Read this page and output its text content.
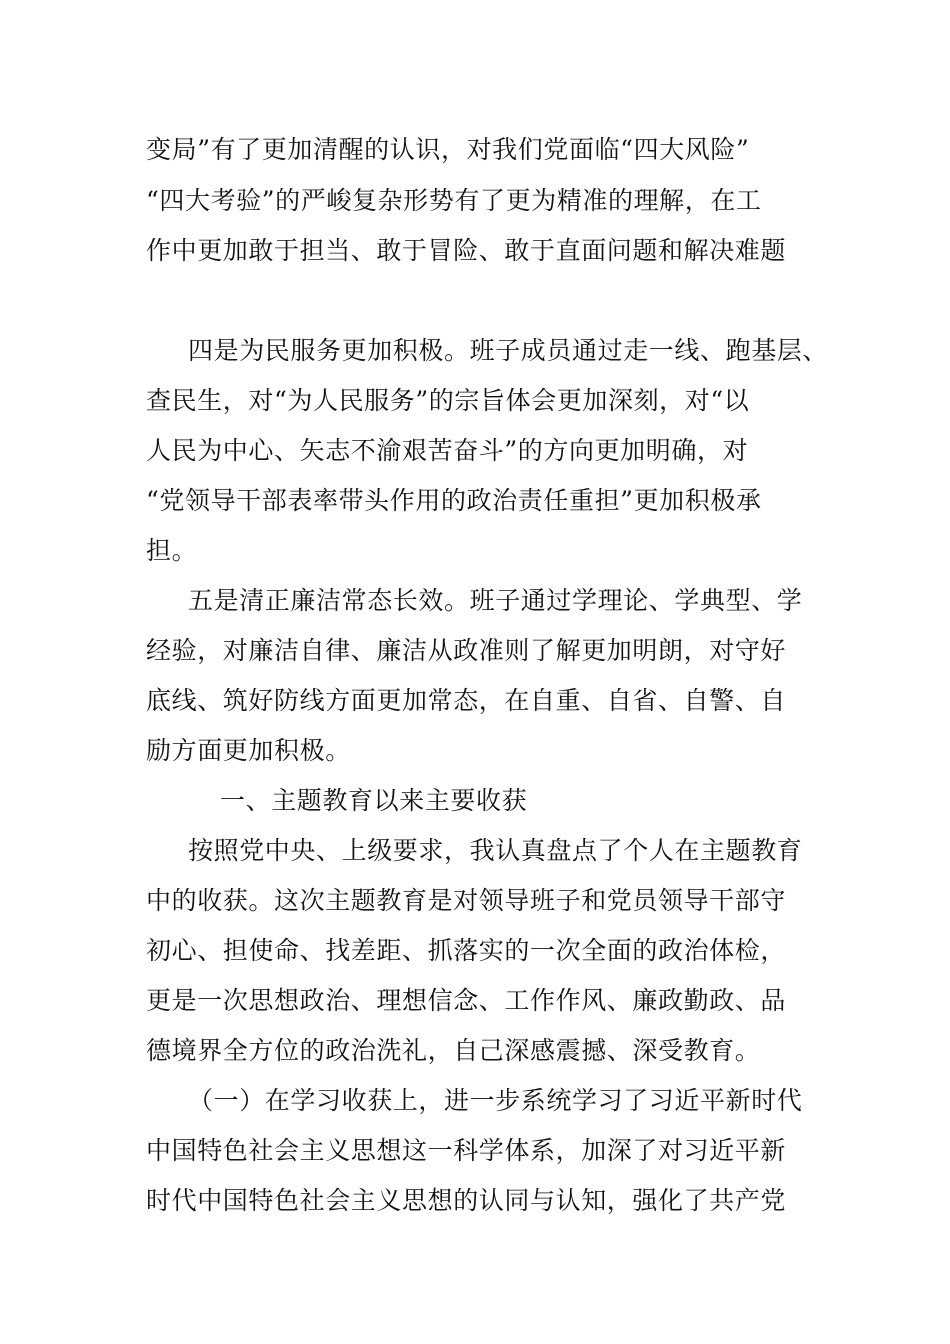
变局”有了更加清醒的认识，对我们党面临“四大风险”
“四大考验”的严峻复杂形势有了更为精准的理解，在工
作中更加敢于担当、敢于冒险、敢于直面问题和解决难题
四是为民服务更加积极。班子成员通过走一线、跑基层、
查民生，对“为人民服务”的宗旨体会更加深刻，对“以
人民为中心、矢志不渝艰苦奋斗”的方向更加明确，对
“党领导干部表率带头作用的政治责任重担”更加积极承
担。
五是清正廉洁常态长效。班子通过学理论、学典型、学
经验，对廉洁自律、廉洁从政准则了解更加明朗，对守好
底线、筑好防线方面更加常态，在自重、自省、自警、自
励方面更加积极。
一、主题教育以来主要收获
按照党中央、上级要求，我认真盘点了个人在主题教育
中的收获。这次主题教育是对领导班子和党员领导干部守
初心、担使命、找差距、抓落实的一次全面的政治体检，
更是一次思想政治、理想信念、工作作风、廉政勤政、品
德境界全方位的政治洗礼，自己深感震撼、深受教育。
（一）在学习收获上，进一步系统学习了习近平新时代
中国特色社会主义思想这一科学体系，加深了对习近平新
时代中国特色社会主义思想的认同与认知，强化了共产党
